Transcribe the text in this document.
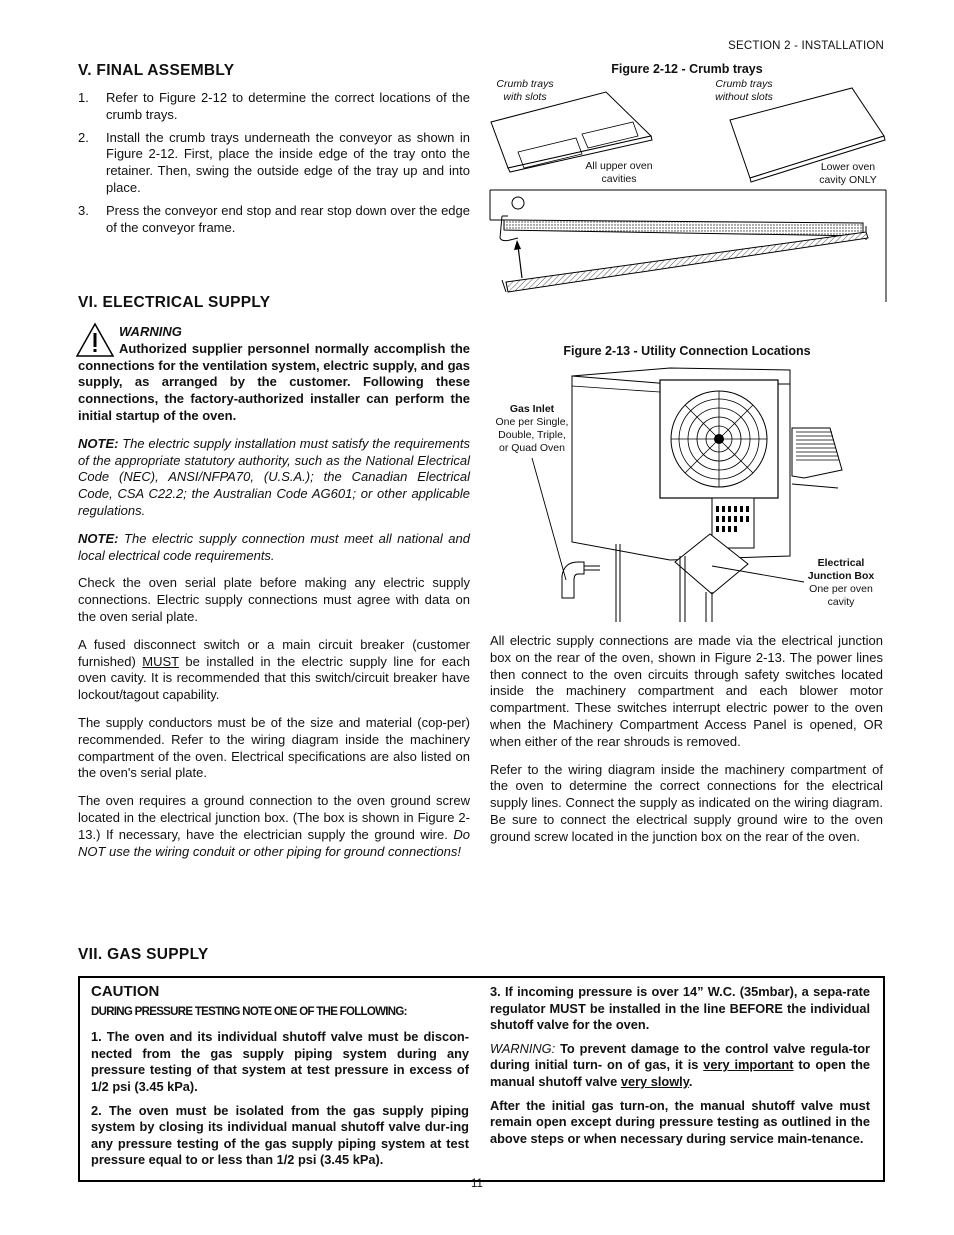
SECTION 2 - INSTALLATION
V. FINAL ASSEMBLY
1. Refer to Figure 2-12 to determine the correct locations of the crumb trays.
2. Install the crumb trays underneath the conveyor as shown in Figure 2-12. First, place the inside edge of the tray onto the retainer. Then, swing the outside edge of the tray up and into place.
3. Press the conveyor end stop and rear stop down over the edge of the conveyor frame.
VI. ELECTRICAL SUPPLY
WARNING
Authorized supplier personnel normally accomplish the connections for the ventilation system, electric supply, and gas supply, as arranged by the customer. Following these connections, the factory-authorized installer can perform the initial startup of the oven.

NOTE: The electric supply installation must satisfy the requirements of the appropriate statutory authority, such as the National Electrical Code (NEC), ANSI/NFPA70, (U.S.A.); the Canadian Electrical Code, CSA C22.2; the Australian Code AG601; or other applicable regulations.

NOTE: The electric supply connection must meet all national and local electrical code requirements.

Check the oven serial plate before making any electric supply connections. Electric supply connections must agree with data on the oven serial plate.

A fused disconnect switch or a main circuit breaker (customer furnished) MUST be installed in the electric supply line for each oven cavity. It is recommended that this switch/circuit breaker have lockout/tagout capability.

The supply conductors must be of the size and material (cop-per) recommended. Refer to the wiring diagram inside the machinery compartment of the oven. Electrical specifications are also listed on the oven's serial plate.

The oven requires a ground connection to the oven ground screw located in the electrical junction box. (The box is shown in Figure 2-13.) If necessary, have the electrician supply the ground wire. Do NOT use the wiring conduit or other piping for ground connections!

Figure 2-12 - Crumb trays
Crumb trays
with slots
Crumb trays
without slots
All upper oven
cavities
Lower oven
cavity ONLY
Figure 2-13 - Utility Connection Locations
Gas Inlet
One per Single,
Double, Triple,
or Quad Oven
Electrical
Junction Box
One per oven
cavity

All electric supply connections are made via the electrical junction box on the rear of the oven, shown in Figure 2-13. The power lines then connect to the oven circuits through safety switches located inside the machinery compartment and each blower motor compartment. These switches interrupt electric power to the oven when the Machinery Compartment Access Panel is opened, OR when either of the rear shrouds is removed.

Refer to the wiring diagram inside the machinery compartment of the oven to determine the correct connections for the electrical supply lines. Connect the supply as indicated on the wiring diagram. Be sure to connect the electrical supply ground wire to the oven ground screw located in the junction box on the rear of the oven.

VII. GAS SUPPLY
CAUTION
DURING PRESSURE TESTING NOTE ONE OF THE FOLLOWING:

1. The oven and its individual shutoff valve must be discon-nected from the gas supply piping system during any pressure testing of that system at test pressure in excess of 1/2 psi (3.45 kPa).

2. The oven must be isolated from the gas supply piping system by closing its individual manual shutoff valve dur-ing any pressure testing of the gas supply piping system at test pressure equal to or less than 1/2 psi (3.45 kPa).

3. If incoming pressure is over 14” W.C. (35mbar), a sepa-rate regulator MUST be installed in the line BEFORE the individual shutoff valve for the oven.

WARNING: To prevent damage to the control valve regula-tor during initial turn- on of gas, it is very important to open the manual shutoff valve very slowly.

After the initial gas turn-on, the manual shutoff valve must remain open except during pressure testing as outlined in the above steps or when necessary during service main-tenance.

11
